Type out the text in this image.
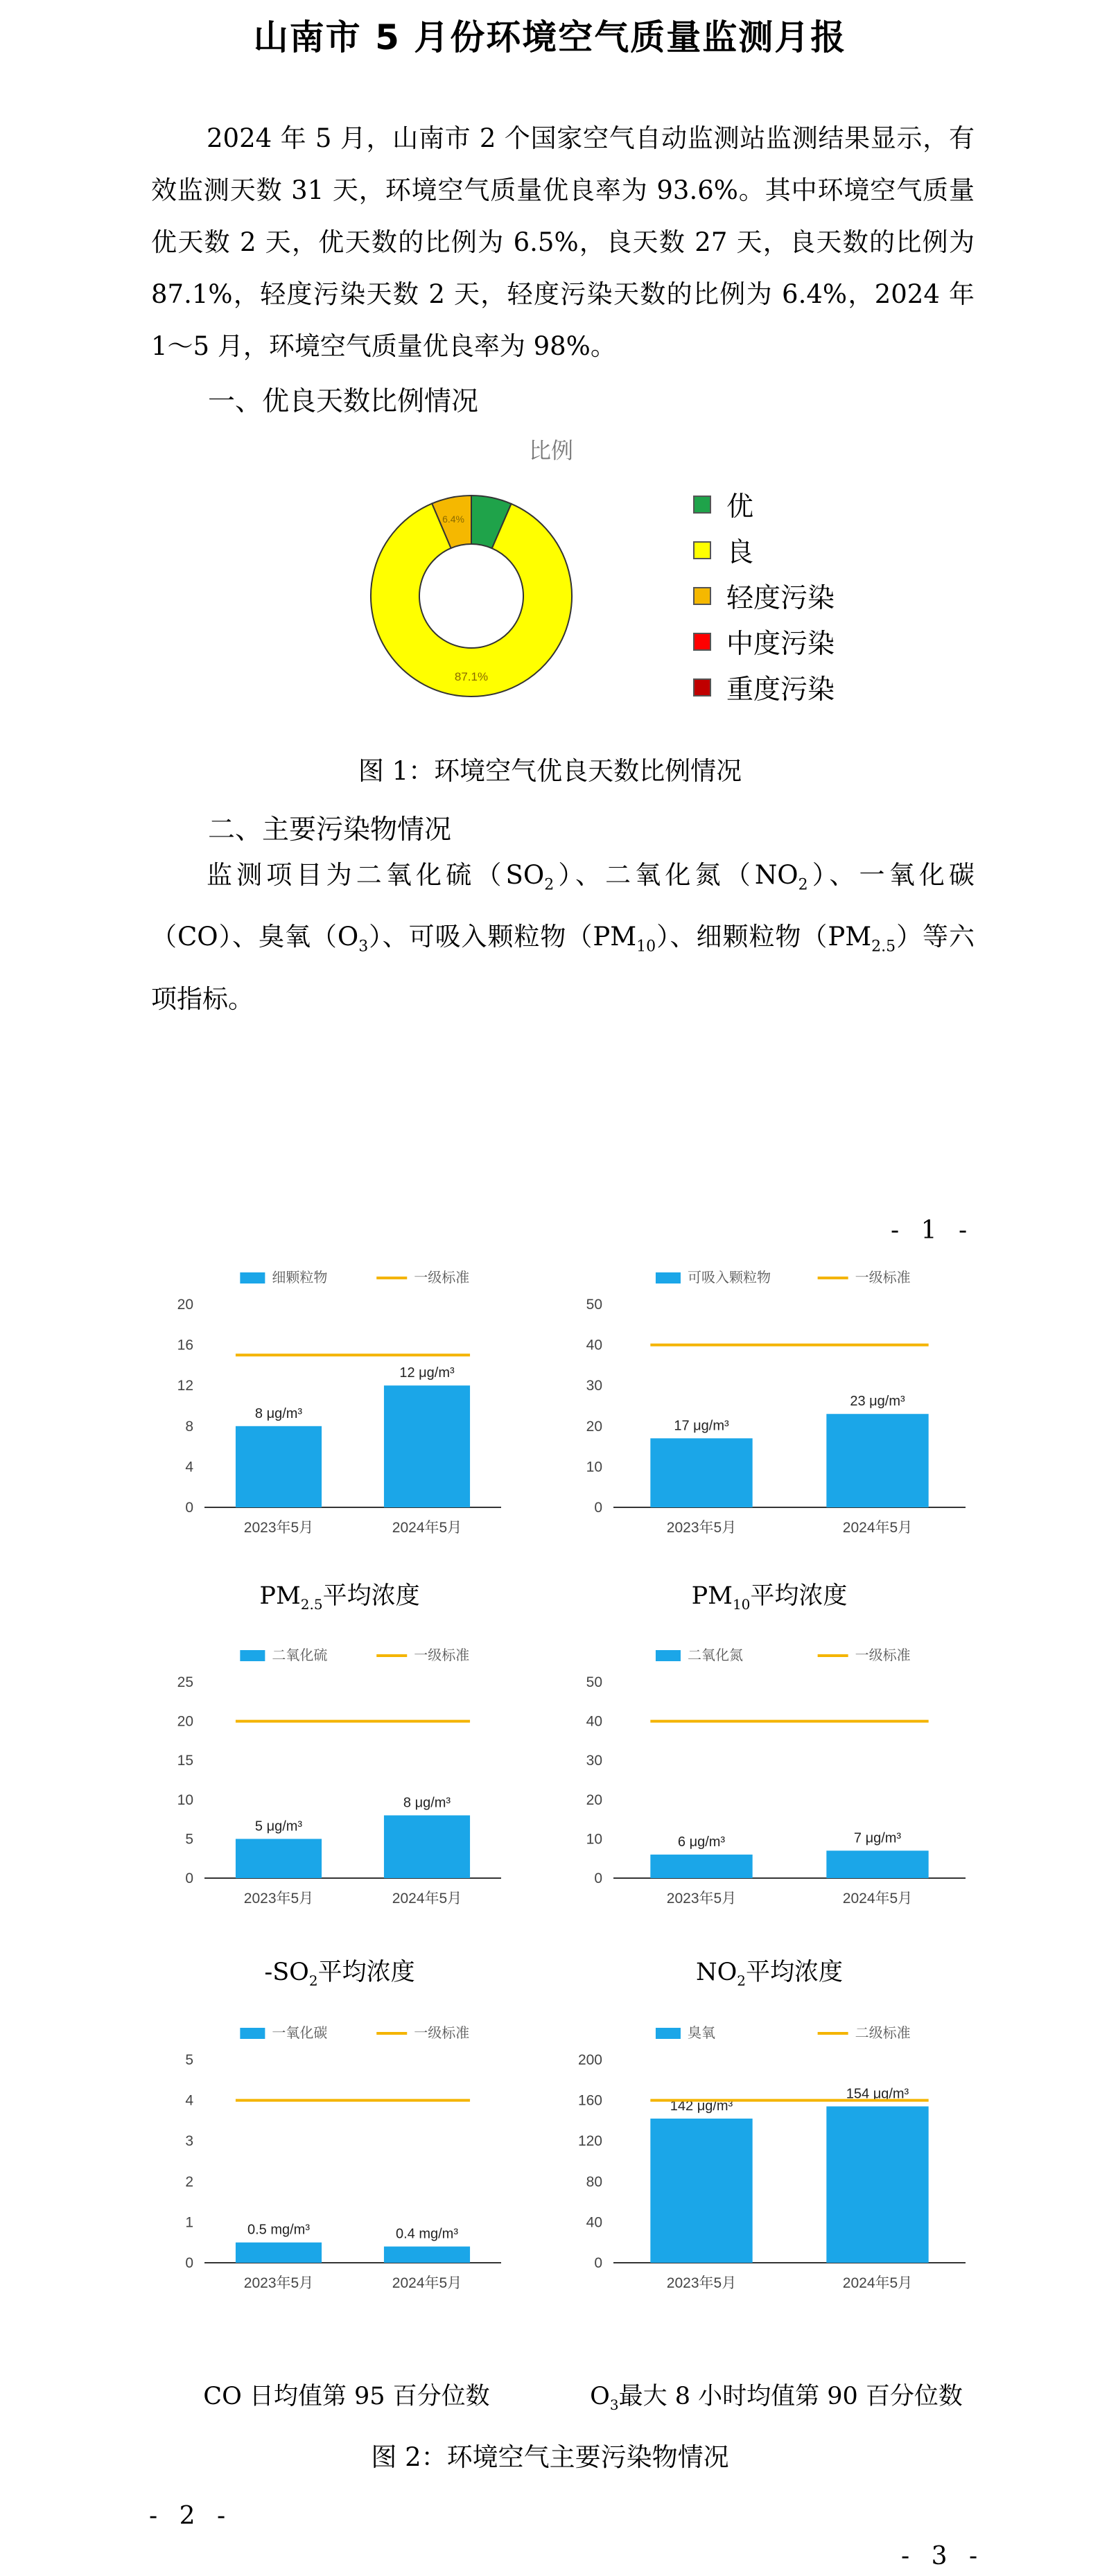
山南市 5 月份环境空气质量监测月报
2024 年 5 月，山南市 2 个国家空气自动监测站监测结果显示，有效监测天数 31 天，环境空气质量优良率为 93.6%。其中环境空气质量优天数 2 天，优天数的比例为 6.5%，良天数 27 天，良天数的比例为 87.1%，轻度污染天数 2 天，轻度污染天数的比例为 6.4%，2024 年 1～5 月，环境空气质量优良率为 98%。
一、优良天数比例情况
比例
87.1%
6.4%	优
良
轻度污染
中度污染
重度污染
图 1：环境空气优良天数比例情况
二、主要污染物情况
监测项目为二氧化硫$(SO_2)$、二氧化氮$(NO_2)$、一氧化碳（CO）、臭氧$(O_3)$、可吸入颗粒物$(PM_{10})$、细颗粒物$(PM_{2.5})$等六项指标。
- 1 -
细颗粒物	一级标准
0
4
8
12
16
20
8 μg/m³
2023年5月
12 μg/m³
2024年5月
可吸入颗粒物	一级标准
0
10
20
30
40
50
17 μg/m³
2023年5月
23 μg/m³
2024年5月
二氧化硫	一级标准
0
5
10
15
20
25
5 μg/m³
2023年5月
8 μg/m³
2024年5月
二氧化氮	一级标准
0
10
20
30
40
50
6 μg/m³
2023年5月
7 μg/m³
2024年5月
一氧化碳	一级标准
0
1
2
3
4
5
0.5 mg/m³
2023年5月
0.4 mg/m³
2024年5月
臭氧	二级标准
0
40
80
120
160
200
142 μg/m³
2023年5月
154 μg/m³
2024年5月
$PM_{2.5}$平均浓度	$PM_{10}$平均浓度
$-SO_2$平均浓度	$NO_2$平均浓度
CO 日均值第 95 百分位数	$O_3$最大 8 小时均值第 90 百分位数
图 2：环境空气主要污染物情况
- 2 -
- 3 -
